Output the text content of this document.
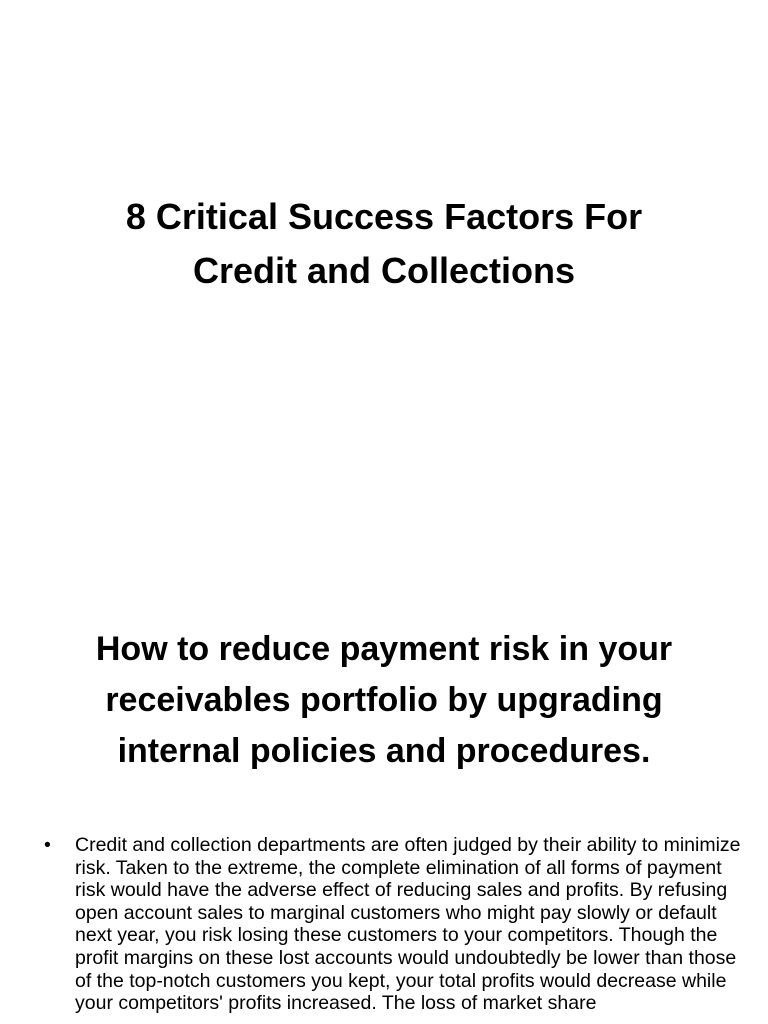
8 Critical Success Factors For
Credit and Collections
How to reduce payment risk in your
receivables portfolio by upgrading
internal policies and procedures.
• Credit and collection departments are often judged by their ability to minimize risk. Taken to the extreme, the complete elimination of all forms of payment risk would have the adverse effect of reducing sales and profits. By refusing open account sales to marginal customers who might pay slowly or default next year, you risk losing these customers to your competitors. Though the profit margins on these lost accounts would undoubtedly be lower than those of the top-notch customers you kept, your total profits would decrease while your competitors' profits increased. The loss of market share
